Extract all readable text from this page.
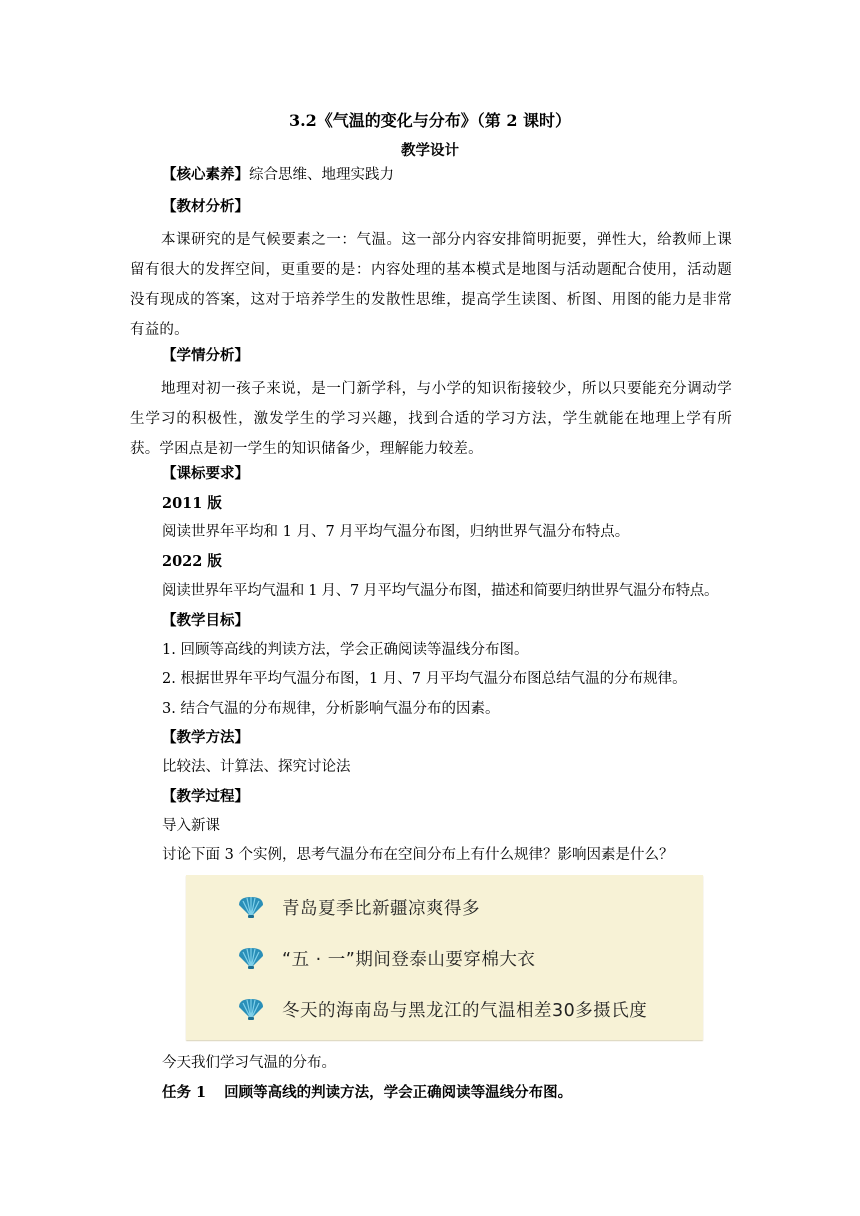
3.2《气温的变化与分布》（第 2 课时）
教学设计
【核心素养】综合思维、地理实践力
【教材分析】
本课研究的是气候要素之一：气温。这一部分内容安排简明扼要，弹性大，给教师上课留有很大的发挥空间，更重要的是：内容处理的基本模式是地图与活动题配合使用，活动题没有现成的答案，这对于培养学生的发散性思维，提高学生读图、析图、用图的能力是非常有益的。
【学情分析】
地理对初一孩子来说，是一门新学科，与小学的知识衔接较少，所以只要能充分调动学生学习的积极性，激发学生的学习兴趣，找到合适的学习方法，学生就能在地理上学有所获。学困点是初一学生的知识储备少，理解能力较差。
【课标要求】
2011 版
阅读世界年平均和 1 月、7 月平均气温分布图，归纳世界气温分布特点。
2022 版
阅读世界年平均气温和 1 月、7 月平均气温分布图，描述和简要归纳世界气温分布特点。
【教学目标】
1. 回顾等高线的判读方法，学会正确阅读等温线分布图。
2. 根据世界年平均气温分布图，1 月、7 月平均气温分布图总结气温的分布规律。
3. 结合气温的分布规律，分析影响气温分布的因素。
【教学方法】
比较法、计算法、探究讨论法
【教学过程】
导入新课
讨论下面 3 个实例，思考气温分布在空间分布上有什么规律？影响因素是什么？
青岛夏季比新疆凉爽得多
“五 · 一”期间登泰山要穿棉大衣
冬天的海南岛与黑龙江的气温相差30多摄氏度
今天我们学习气温的分布。
任务 1 回顾等高线的判读方法，学会正确阅读等温线分布图。
